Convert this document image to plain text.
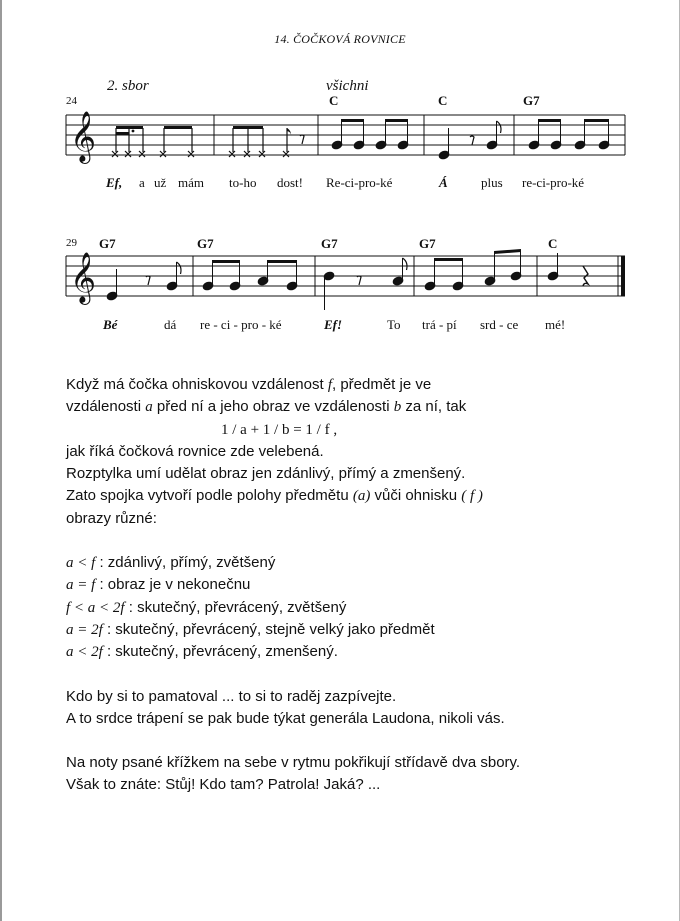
14. ČOČKOVÁ ROVNICE
24
2. sbor	všichni
C	C	G7
𝄞
Ef, a už mám to-ho dost! Re-ci-pro-ké	Á	plus re-ci-pro-ké
29 G7	G7	G7	G7	C
𝄞
Bé	dá re - ci - pro - ké	Ef!	To trá - pí srd - ce mé!

Když má čočka ohniskovou vzdálenost f, předmět je ve

vzdálenosti a před ní a jeho obraz ve vzdálenosti b za ní, tak

1 / a + 1 / b = 1 / f ,

jak říká čočková rovnice zde velebená.

Rozptylka umí udělat obraz jen zdánlivý, přímý a zmenšený.

Zato spojka vytvoří podle polohy předmětu (a) vůči ohnisku ( f )

obrazy různé:

a < f : zdánlivý, přímý, zvětšený

a = f : obraz je v nekonečnu

f < a < 2f : skutečný, převrácený, zvětšený

a = 2f : skutečný, převrácený, stejně velký jako předmět

a < 2f : skutečný, převrácený, zmenšený.

Kdo by si to pamatoval ... to si to raděj zazpívejte.

A to srdce trápení se pak bude týkat generála Laudona, nikoli vás.

Na noty psané křížkem na sebe v rytmu pokřikují střídavě dva sbory.

Však to znáte: Stůj! Kdo tam? Patrola! Jaká? ...
